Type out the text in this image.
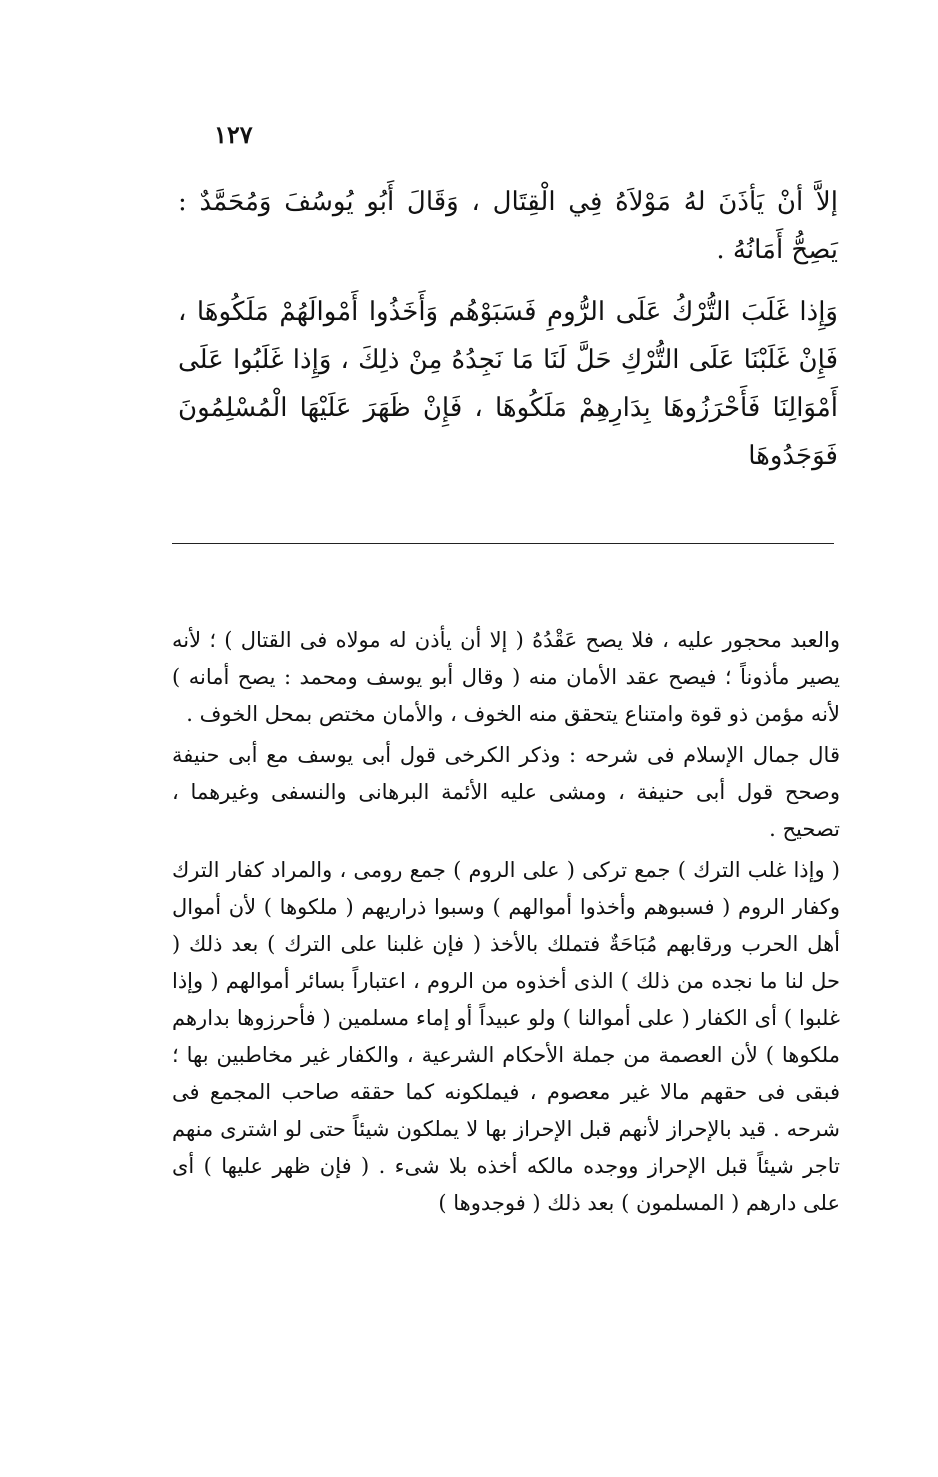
١٢٧

إلاَّ أنْ يَأذَنَ لهُ مَوْلاَهُ فِي الْقِتَال ، وَقَالَ أَبُو يُوسُفَ وَمُحَمَّدٌ : يَصِحُّ أَمَانُهُ .

وَإِذا غَلَبَ التُّرْكُ عَلَى الرُّومِ فَسَبَوْهُم وَأَخَذُوا أَمْوالَهُمْ مَلَكُوهَا ، فَإِنْ غَلَبْنَا عَلَى التُّرْكِ حَلَّ لَنَا مَا نَجِدُهُ مِنْ ذلِكَ ، وَإِذا غَلَبُوا عَلَى أَمْوَالِنَا فَأَحْرَزُوهَا بِدَارِهِمْ مَلَكُوهَا ، فَإِنْ ظَهَرَ عَلَيْهَا الْمُسْلِمُونَ فَوَجَدُوهَا

والعبد محجور عليه ، فلا يصح عَقْدُهُ ( إلا أن يأذن له مولاه فى القتال ) ؛ لأنه يصير مأذوناً ؛ فيصح عقد الأمان منه ( وقال أبو يوسف ومحمد : يصح أمانه ) لأنه مؤمن ذو قوة وامتناع يتحقق منه الخوف ، والأمان مختص بمحل الخوف .

قال جمال الإسلام فى شرحه : وذكر الكرخى قول أبى يوسف مع أبى حنيفة وصحح قول أبى حنيفة ، ومشى عليه الأئمة البرهانى والنسفى وغيرهما ، تصحيح .

( وإذا غلب الترك ) جمع تركى ( على الروم ) جمع رومى ، والمراد كفار الترك وكفار الروم ( فسبوهم وأخذوا أموالهم ) وسبوا ذراريهم ( ملكوها ) لأن أموال أهل الحرب ورقابهم مُبَاحَةٌ فتملك بالأخذ ( فإن غلبنا على الترك ) بعد ذلك ( حل لنا ما نجده من ذلك ) الذى أخذوه من الروم ، اعتباراً بسائر أموالهم ( وإذا غلبوا ) أى الكفار ( على أموالنا ) ولو عبيداً أو إماء مسلمين ( فأحرزوها بدارهم ملكوها ) لأن العصمة من جملة الأحكام الشرعية ، والكفار غير مخاطبين بها ؛ فبقى فى حقهم مالا غير معصوم ، فيملكونه كما حققه صاحب المجمع فى شرحه . قيد بالإحراز لأنهم قبل الإحراز بها لا يملكون شيئاً حتى لو اشترى منهم تاجر شيئاً قبل الإحراز ووجده مالكه أخذه بلا شىء . ( فإن ظهر عليها ) أى على دارهم ( المسلمون ) بعد ذلك ( فوجدوها )
